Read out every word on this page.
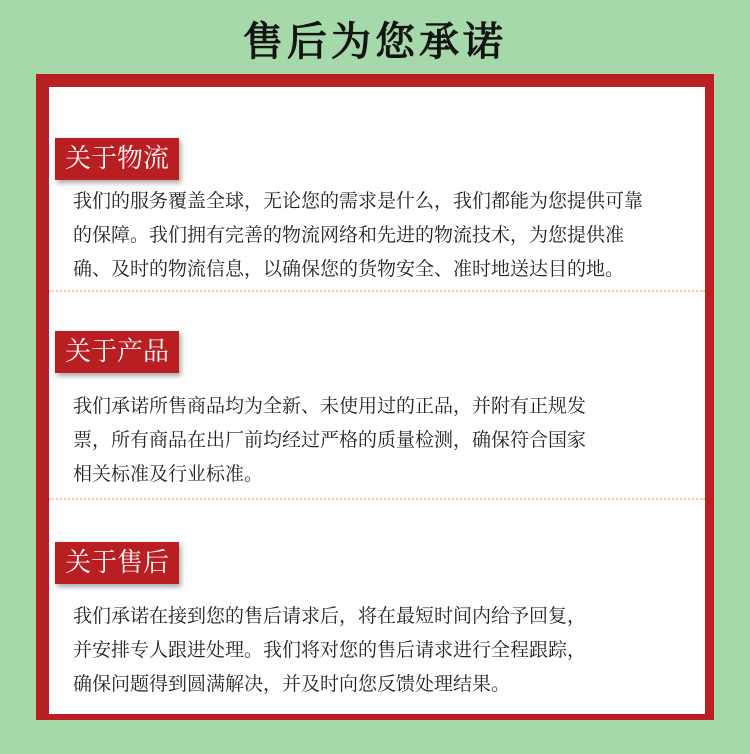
售后为您承诺
关于物流
我们的服务覆盖全球，无论您的需求是什么，我们都能为您提供可靠
的保障。我们拥有完善的物流网络和先进的物流技术，为您提供准
确、及时的物流信息，以确保您的货物安全、准时地送达目的地。
关于产品
我们承诺所售商品均为全新、未使用过的正品，并附有正规发
票，所有商品在出厂前均经过严格的质量检测，确保符合国家
相关标准及行业标准。
关于售后
我们承诺在接到您的售后请求后，将在最短时间内给予回复，
并安排专人跟进处理。我们将对您的售后请求进行全程跟踪，
确保问题得到圆满解决，并及时向您反馈处理结果。
